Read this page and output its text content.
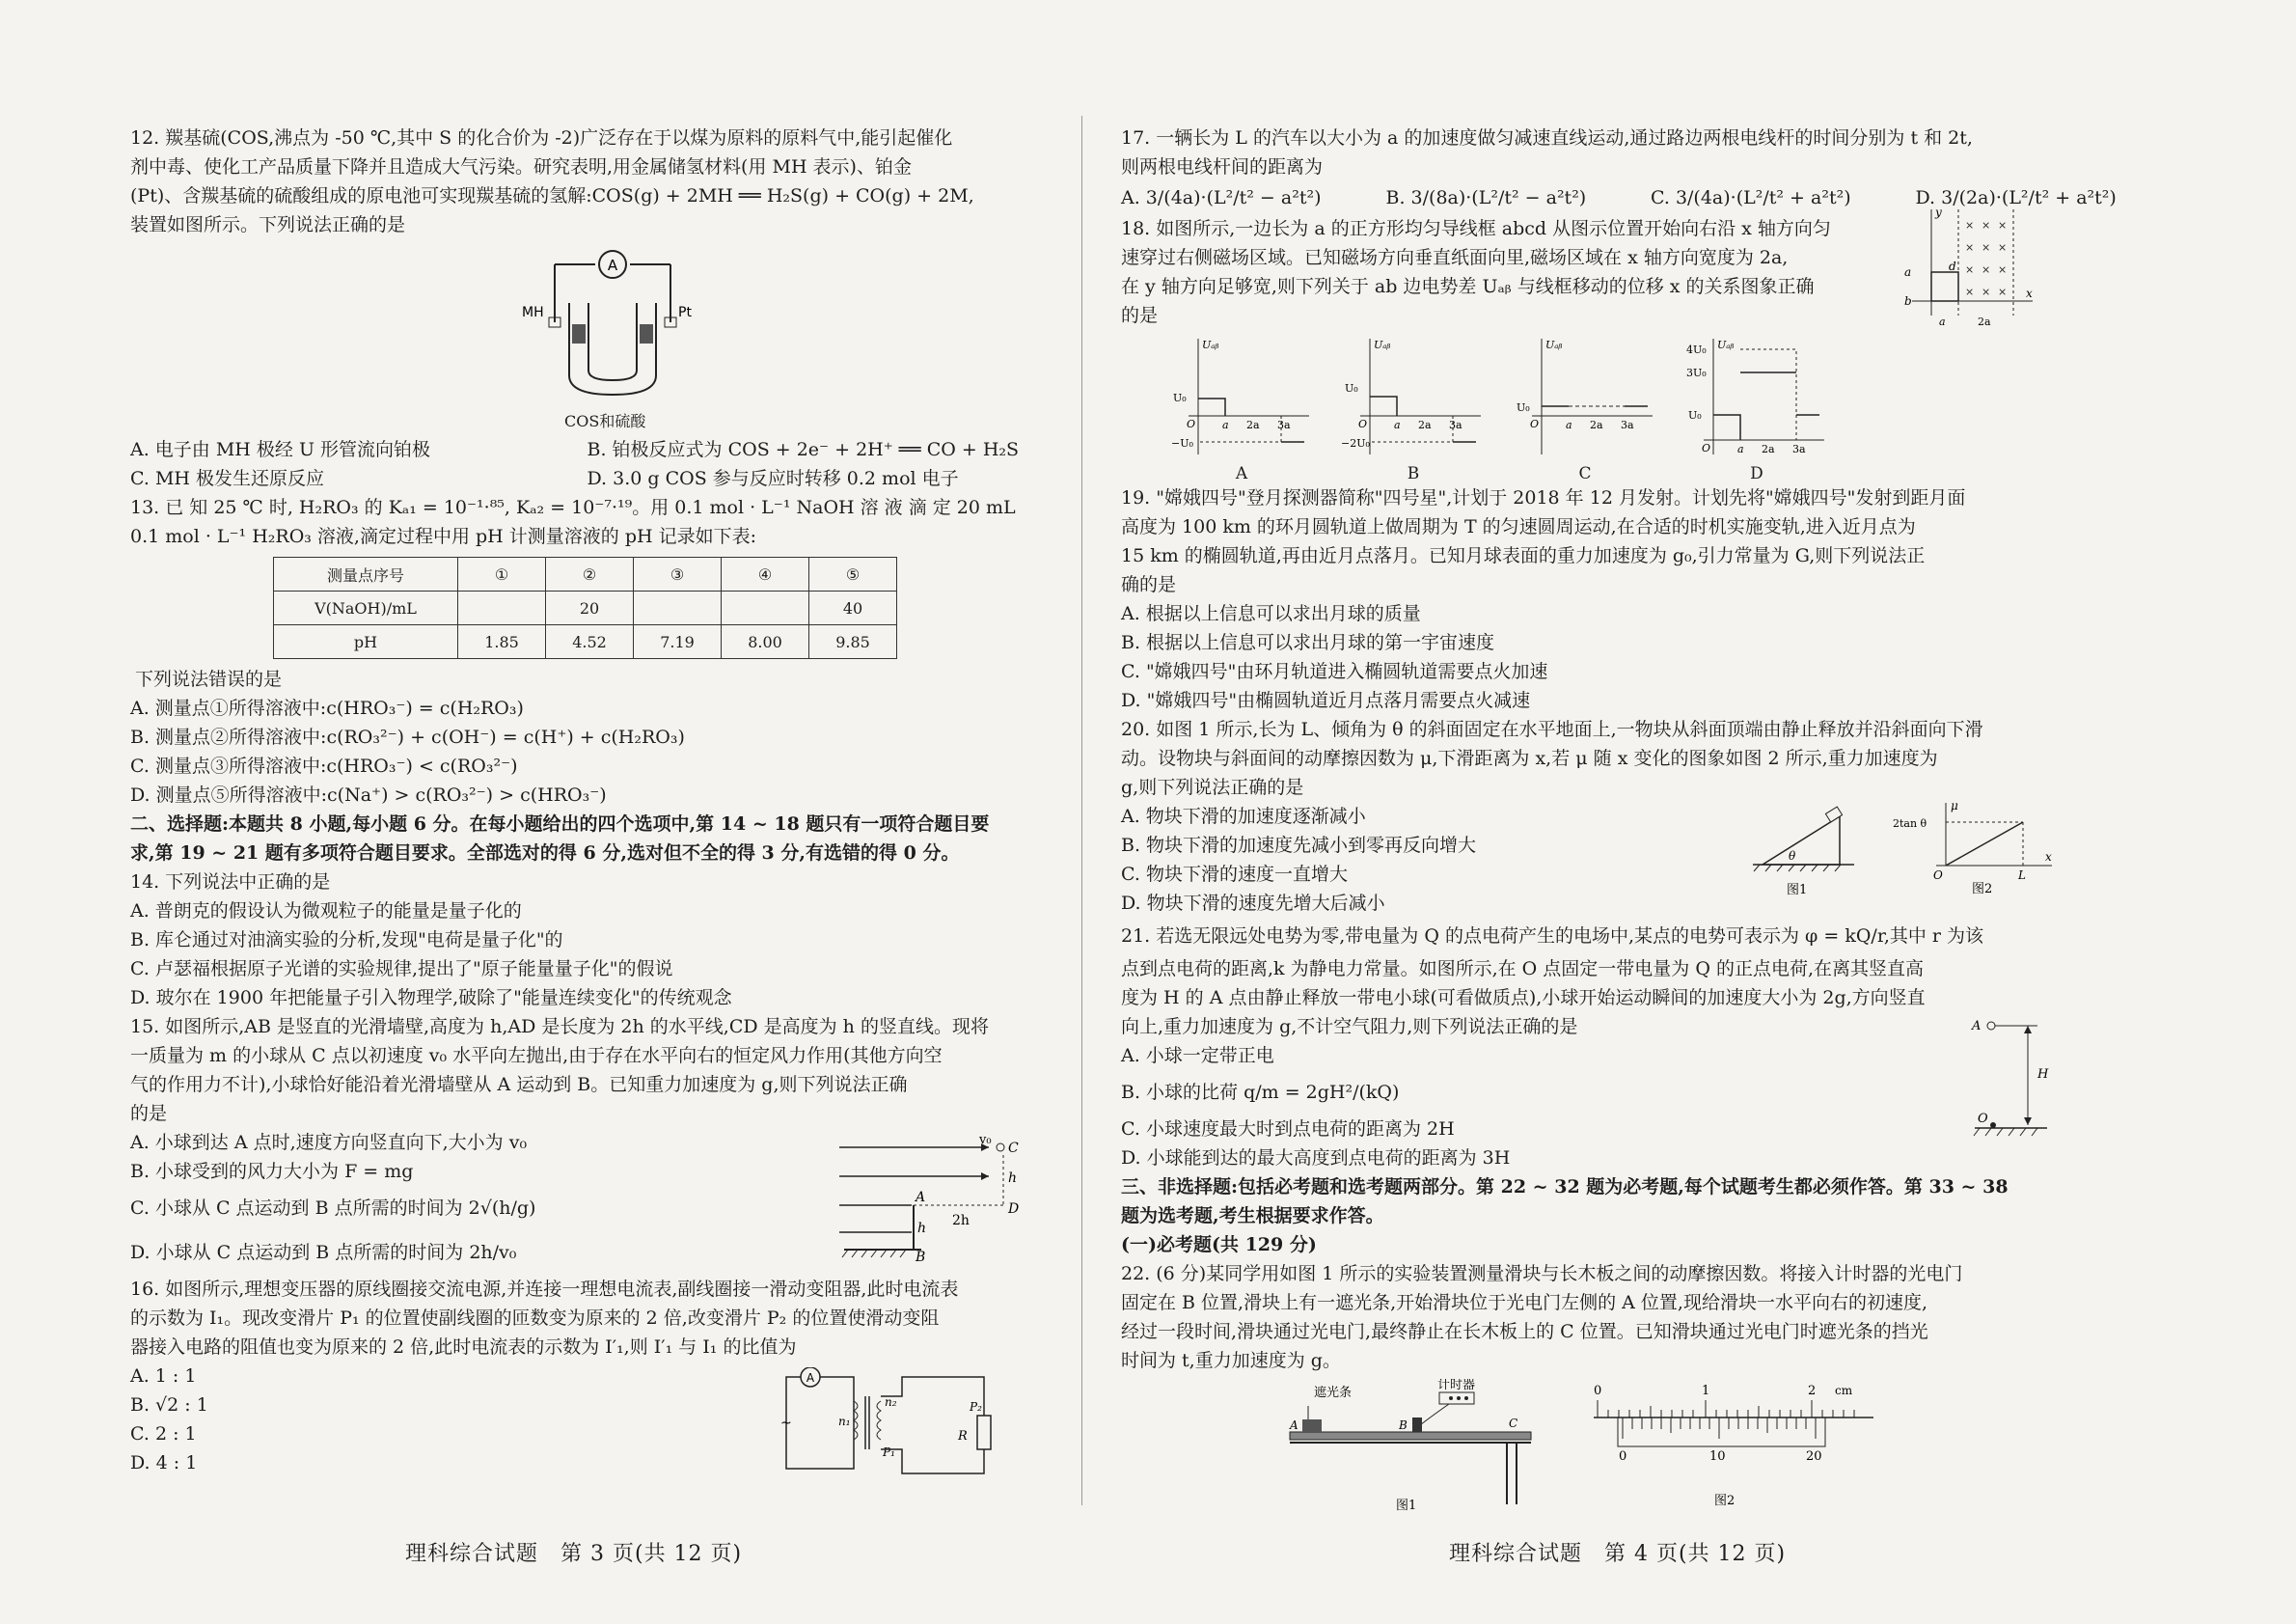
12. 羰基硫(COS,沸点为 -50 ℃,其中 S 的化合价为 -2)广泛存在于以煤为原料的原料气中,能引起催化

剂中毒、使化工产品质量下降并且造成大气污染。研究表明,用金属储氢材料(用 MH 表示)、铂金

(Pt)、含羰基硫的硫酸组成的原电池可实现羰基硫的氢解:COS(g) + 2MH ══ H₂S(g) + CO(g) + 2M,

装置如图所示。下列说法正确的是

A
MH	Pt
COS和硫酸
A. 电子由 MH 极经 U 形管流向铂极	B. 铂极反应式为 COS + 2e⁻ + 2H⁺ ══ CO + H₂S
C. MH 极发生还原反应	D. 3.0 g COS 参与反应时转移 0.2 mol 电子

13. 已 知 25 ℃ 时, H₂RO₃ 的 Kₐ₁ = 10⁻¹·⁸⁵, Kₐ₂ = 10⁻⁷·¹⁹。用 0.1 mol · L⁻¹ NaOH 溶 液 滴 定 20 mL

0.1 mol · L⁻¹ H₂RO₃ 溶液,滴定过程中用 pH 计测量溶液的 pH 记录如下表:

测量点序号	①	②	③	④	⑤
V(NaOH)/mL		20			40
pH	1.85	4.52	7.19	8.00	9.85

下列说法错误的是

A. 测量点①所得溶液中:c(HRO₃⁻) = c(H₂RO₃)

B. 测量点②所得溶液中:c(RO₃²⁻) + c(OH⁻) = c(H⁺) + c(H₂RO₃)

C. 测量点③所得溶液中:c(HRO₃⁻) < c(RO₃²⁻)

D. 测量点⑤所得溶液中:c(Na⁺) > c(RO₃²⁻) > c(HRO₃⁻)

二、选择题:本题共 8 小题,每小题 6 分。在每小题给出的四个选项中,第 14 ~ 18 题只有一项符合题目要

求,第 19 ~ 21 题有多项符合题目要求。全部选对的得 6 分,选对但不全的得 3 分,有选错的得 0 分。

14. 下列说法中正确的是

A. 普朗克的假设认为微观粒子的能量是量子化的

B. 库仑通过对油滴实验的分析,发现"电荷是量子化"的

C. 卢瑟福根据原子光谱的实验规律,提出了"原子能量量子化"的假说

D. 玻尔在 1900 年把能量子引入物理学,破除了"能量连续变化"的传统观念

15. 如图所示,AB 是竖直的光滑墙壁,高度为 h,AD 是长度为 2h 的水平线,CD 是高度为 h 的竖直线。现将

一质量为 m 的小球从 C 点以初速度 v₀ 水平向左抛出,由于存在水平向右的恒定风力作用(其他方向空

气的作用力不计),小球恰好能沿着光滑墙壁从 A 运动到 B。已知重力加速度为 g,则下列说法正确

的是

A. 小球到达 A 点时,速度方向竖直向下,大小为 v₀

B. 小球受到的风力大小为 F = mg

C. 小球从 C 点运动到 B 点所需的时间为 2√(h/g)

D. 小球从 C 点运动到 B 点所需的时间为 2h/v₀

v₀
C
h
A
D
h 2h
B

16. 如图所示,理想变压器的原线圈接交流电源,并连接一理想电流表,副线圈接一滑动变阻器,此时电流表

的示数为 I₁。现改变滑片 P₁ 的位置使副线圈的匝数变为原来的 2 倍,改变滑片 P₂ 的位置使滑动变阻

器接入电路的阻值也变为原来的 2 倍,此时电流表的示数为 I′₁,则 I′₁ 与 I₁ 的比值为

A. 1 : 1

B. √2 : 1

C. 2 : 1

D. 4 : 1

A
~	n₁
n₂
P₁
R
P₂
理科综合试题　第 3 页(共 12 页)

17. 一辆长为 L 的汽车以大小为 a 的加速度做匀减速直线运动,通过路边两根电线杆的时间分别为 t 和 2t,

则两根电线杆间的距离为

A. 3/(4a)·(L²/t² − a²t²)	B. 3/(8a)·(L²/t² − a²t²)	C. 3/(4a)·(L²/t² + a²t²)	D. 3/(2a)·(L²/t² + a²t²)

18. 如图所示,一边长为 a 的正方形均匀导线框 abcd 从图示位置开始向右沿 x 轴方向匀

速穿过右侧磁场区域。已知磁场方向垂直纸面向里,磁场区域在 x 轴方向宽度为 2a,

在 y 轴方向足够宽,则下列关于 ab 边电势差 Uₐᵦ 与线框移动的位移 x 的关系图象正确

的是

y
x
a
b
d
× × ×
× × ×
× × ×
× × ×
a	2a
Uₐᵦ
U₀
−U₀
O	a 2a 3a
A
Uₐᵦ
U₀
−2U₀
O	a 2a 3a
B
Uₐᵦ
U₀
O	a 2a 3a
C
Uₐᵦ
4U₀
3U₀
U₀
O	a 2a 3a
D

19. "嫦娥四号"登月探测器简称"四号星",计划于 2018 年 12 月发射。计划先将"嫦娥四号"发射到距月面

高度为 100 km 的环月圆轨道上做周期为 T 的匀速圆周运动,在合适的时机实施变轨,进入近月点为

15 km 的椭圆轨道,再由近月点落月。已知月球表面的重力加速度为 g₀,引力常量为 G,则下列说法正

确的是

A. 根据以上信息可以求出月球的质量

B. 根据以上信息可以求出月球的第一宇宙速度

C. "嫦娥四号"由环月轨道进入椭圆轨道需要点火加速

D. "嫦娥四号"由椭圆轨道近月点落月需要点火减速

20. 如图 1 所示,长为 L、倾角为 θ 的斜面固定在水平地面上,一物块从斜面顶端由静止释放并沿斜面向下滑

动。设物块与斜面间的动摩擦因数为 μ,下滑距离为 x,若 μ 随 x 变化的图象如图 2 所示,重力加速度为

g,则下列说法正确的是

A. 物块下滑的加速度逐渐减小

B. 物块下滑的加速度先减小到零再反向增大

C. 物块下滑的速度一直增大

D. 物块下滑的速度先增大后减小

θ
图1
μ
x
2tan θ
O	L
图2

21. 若选无限远处电势为零,带电量为 Q 的点电荷产生的电场中,某点的电势可表示为 φ = kQ/r,其中 r 为该

点到点电荷的距离,k 为静电力常量。如图所示,在 O 点固定一带电量为 Q 的正点电荷,在离其竖直高

度为 H 的 A 点由静止释放一带电小球(可看做质点),小球开始运动瞬间的加速度大小为 2g,方向竖直

向上,重力加速度为 g,不计空气阻力,则下列说法正确的是

A. 小球一定带正电

B. 小球的比荷 q/m = 2gH²/(kQ)

C. 小球速度最大时到点电荷的距离为 2H

D. 小球能到达的最大高度到点电荷的距离为 3H

A
H
O

三、非选择题:包括必考题和选考题两部分。第 22 ~ 32 题为必考题,每个试题考生都必须作答。第 33 ~ 38

题为选考题,考生根据要求作答。

(一)必考题(共 129 分)

22. (6 分)某同学用如图 1 所示的实验装置测量滑块与长木板之间的动摩擦因数。将接入计时器的光电门

固定在 B 位置,滑块上有一遮光条,开始滑块位于光电门左侧的 A 位置,现给滑块一水平向右的初速度,

经过一段时间,滑块通过光电门,最终静止在长木板上的 C 位置。已知滑块通过光电门时遮光条的挡光

时间为 t,重力加速度为 g。

遮光条
计时器
A	B	C
图1
0	1	2 cm
0	10	20
图2
理科综合试题　第 4 页(共 12 页)
